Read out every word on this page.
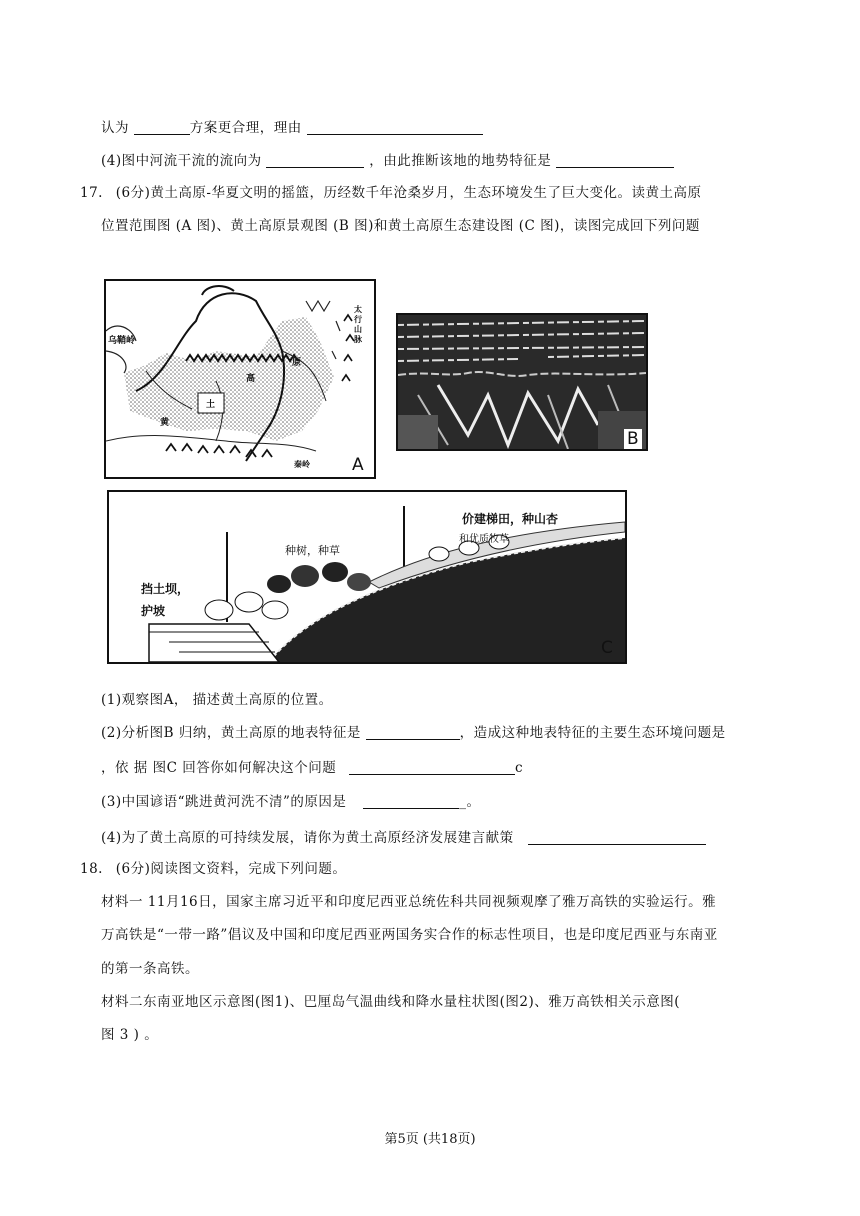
认为	方案更合理，理由
(4)图中河流干流的流向为	，由此推断该地的地势特征是
17. (6分)黄土高原-华夏文明的摇篮，历经数千年沧桑岁月，生态环境发生了巨大变化。读黄土高原
位置范围图 (A 图)、黄土高原景观图 (B 图)和黄土高原生态建设图 (C 图)，读图完成回下列问题
乌鞘岭
太行山脉
秦岭
黄
土
高
原
A
B
挡土坝，
护坡
种树，种草
价建梯田，种山杏
和优质牧草
C
(1)观察图A， 描述黄土高原的位置。
(2)分析图B 归纳，黄土高原的地表特征是	，造成这种地表特征的主要生态环境问题是
，依 据 图C 回答你如何解决这个问题	c
(3)中国谚语“跳进黄河洗不清”的原因是	_。
(4)为了黄土高原的可持续发展，请你为黄土高原经济发展建言献策
18. (6分)阅读图文资料，完成下列问题。
材料一 11月16日，国家主席习近平和印度尼西亚总统佐科共同视频观摩了雅万高铁的实验运行。雅
万高铁是“一带一路”倡议及中国和印度尼西亚两国务实合作的标志性项目，也是印度尼西亚与东南亚
的第一条高铁。
材料二东南亚地区示意图(图1)、巴厘岛气温曲线和降水量柱状图(图2)、雅万高铁相关示意图(
图 3 ) 。
第5页 (共18页)
